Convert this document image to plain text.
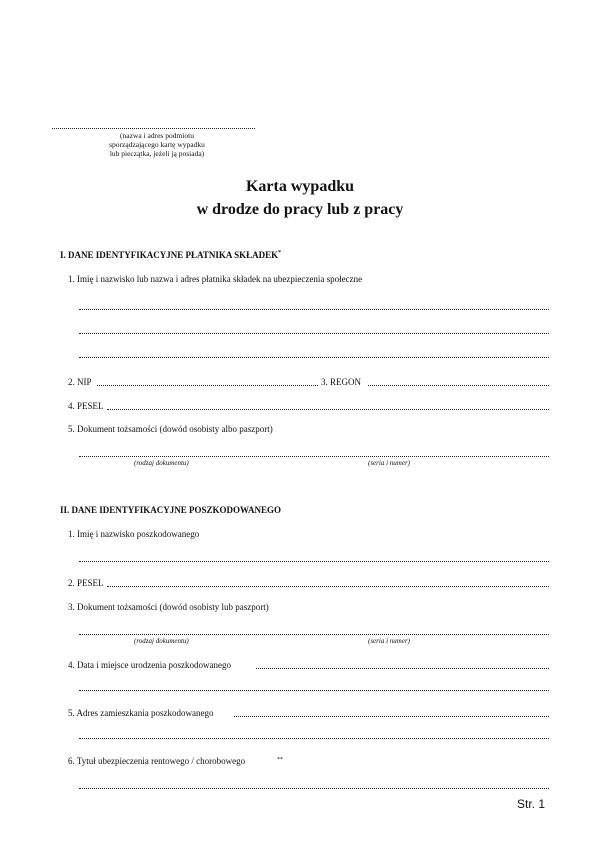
(nazwa i adres podmiotu
sporządzającego kartę wypadku
lub pieczątka, jeżeli ją posiada)
Karta wypadku
w drodze do pracy lub z pracy
I. DANE IDENTYFIKACYJNE PŁATNIKA SKŁADEK*
1. Imię i nazwisko lub nazwa i adres płatnika składek na ubezpieczenia społeczne
2. NIP	3. REGON
4. PESEL
5. Dokument tożsamości (dowód osobisty albo paszport)
(rodzaj dokumentu)	(seria i numer)
II. DANE IDENTYFIKACYJNE POSZKODOWANEGO
1. Imię i nazwisko poszkodowanego
2. PESEL
3. Dokument tożsamości (dowód osobisty lub paszport)
(rodzaj dokumentu)	(seria i numer)
4. Data i miejsce urodzenia poszkodowanego
5. Adres zamieszkania poszkodowanego
6. Tytuł ubezpieczenia rentowego / chorobowego	**
Str. 1
